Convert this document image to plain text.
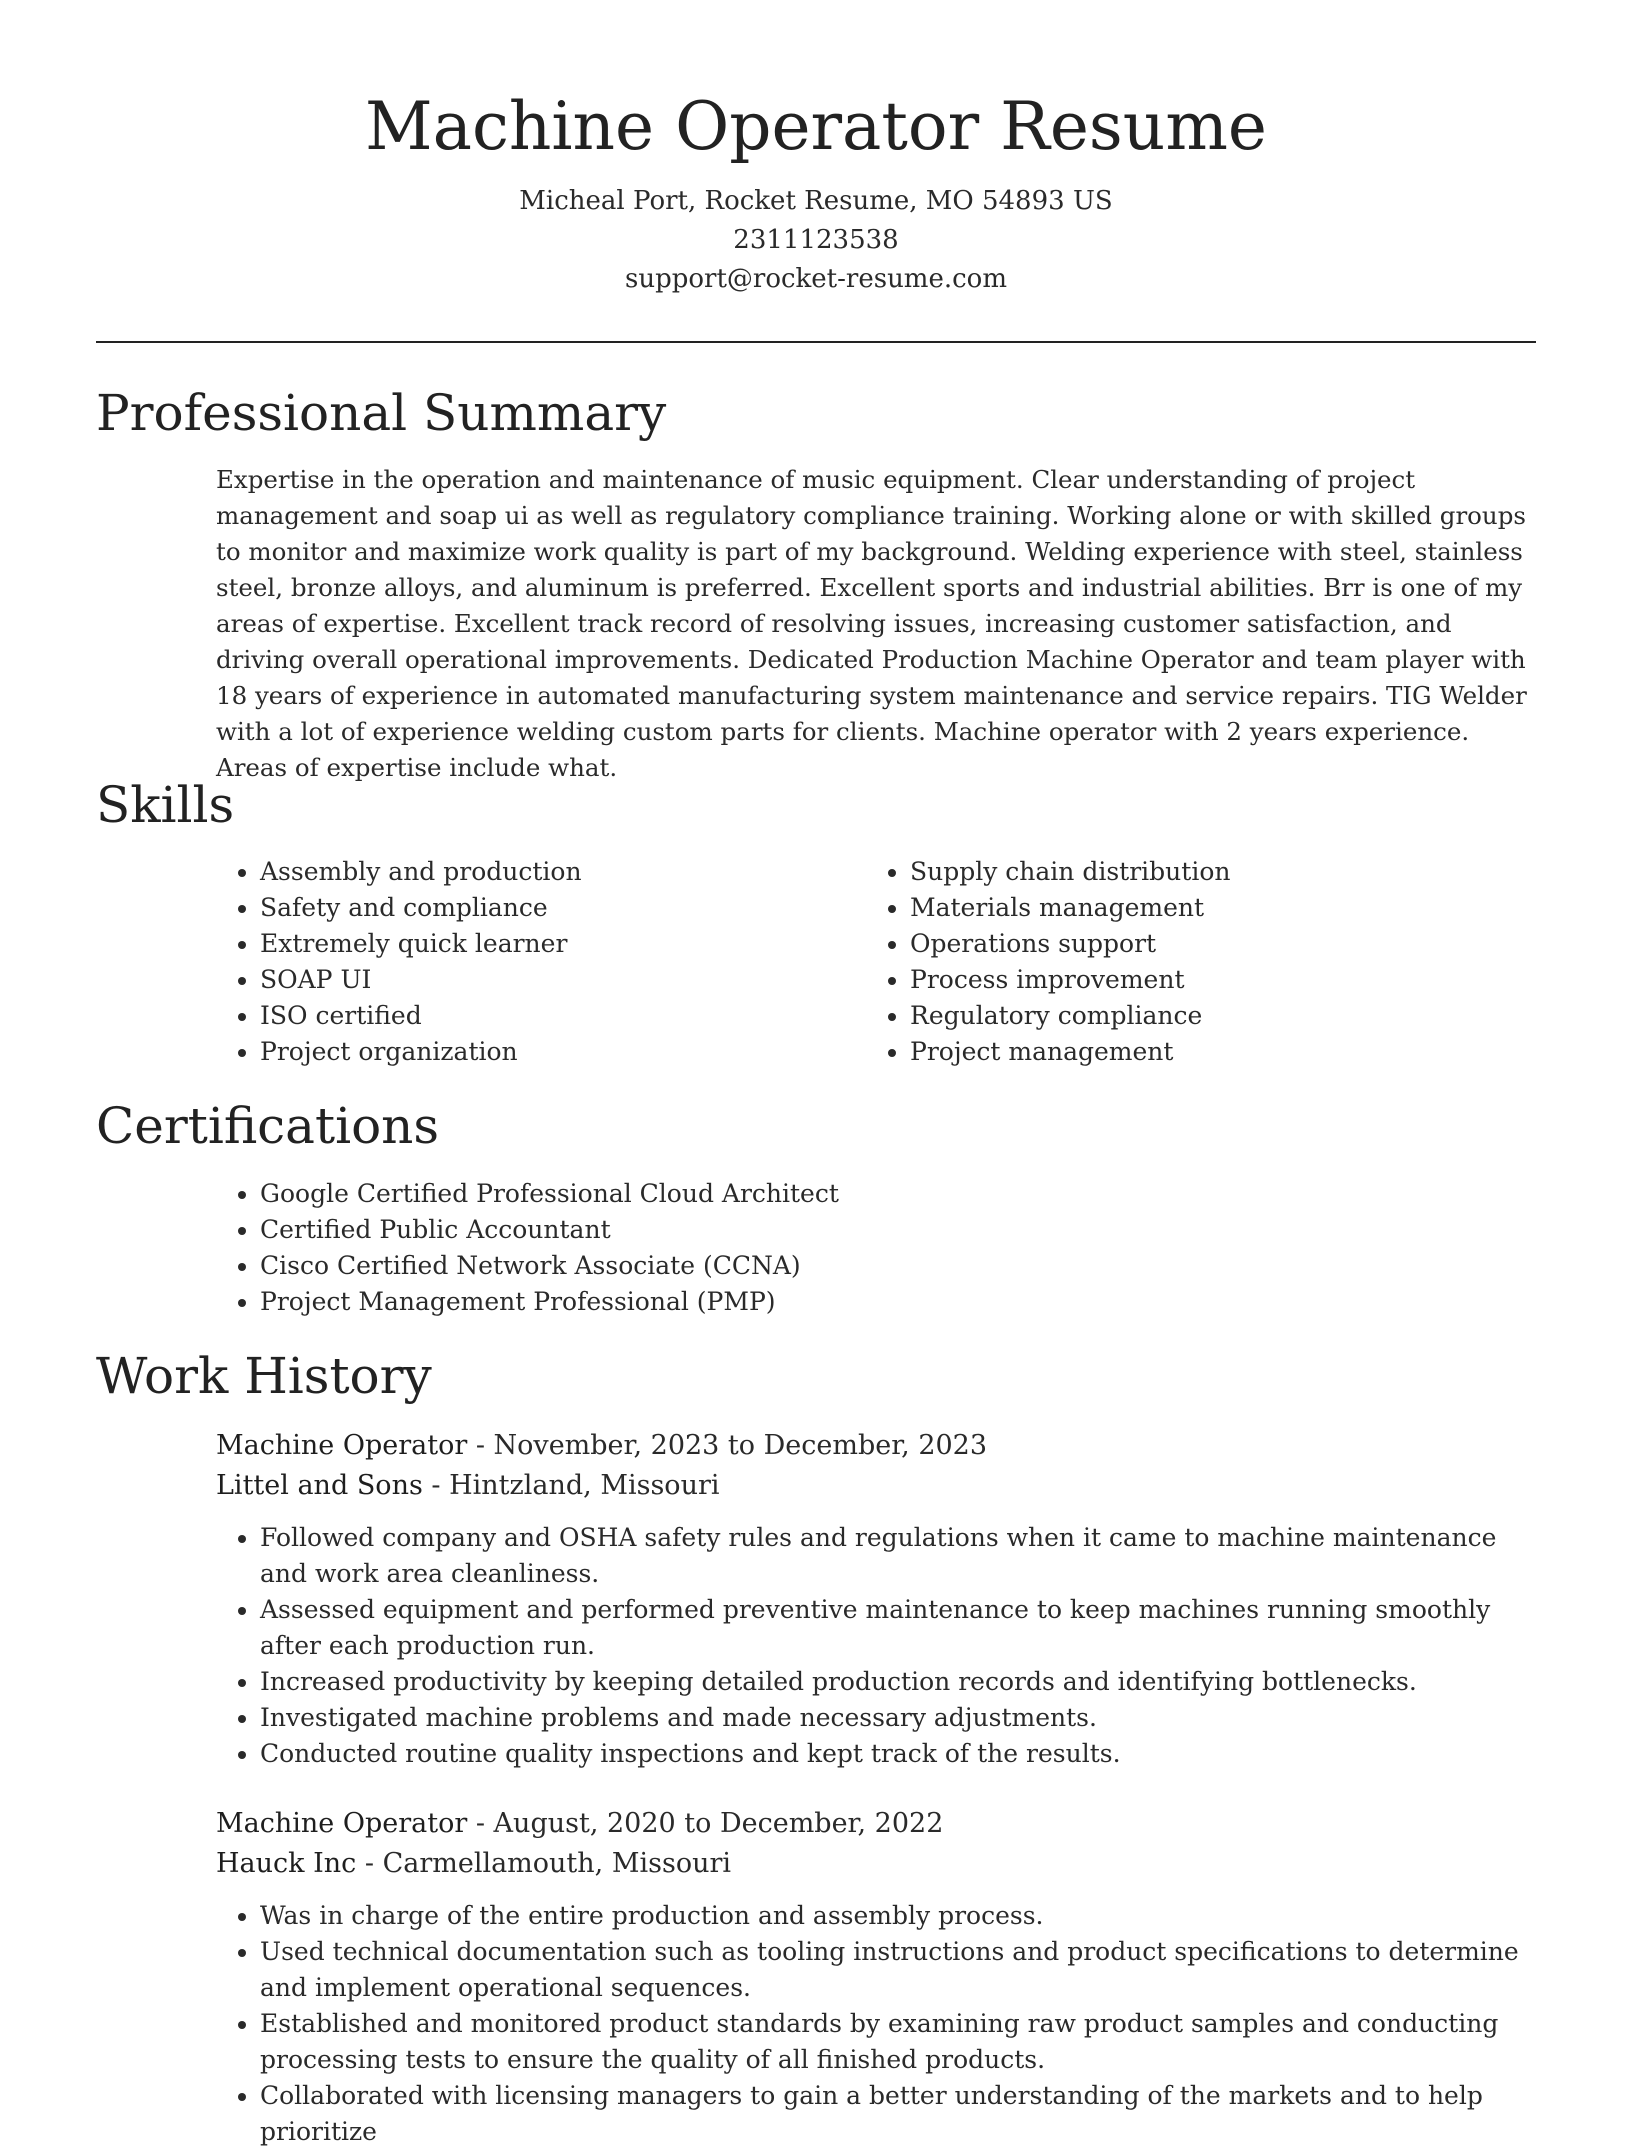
Machine Operator Resume

Micheal Port, Rocket Resume, MO 54893 US

2311123538

support@rocket-resume.com

Professional Summary

Expertise in the operation and maintenance of music equipment. Clear understanding of project management and soap ui as well as regulatory compliance training. Working alone or with skilled groups to monitor and maximize work quality is part of my background. Welding experience with steel, stainless steel, bronze alloys, and aluminum is preferred. Excellent sports and industrial abilities. Brr is one of my areas of expertise. Excellent track record of resolving issues, increasing customer satisfaction, and driving overall operational improvements. Dedicated Production Machine Operator and team player with 18 years of experience in automated manufacturing system maintenance and service repairs. TIG Welder with a lot of experience welding custom parts for clients. Machine operator with 2 years experience. Areas of expertise include what.

Skills
• Assembly and production
• Safety and compliance
• Extremely quick learner
• SOAP UI
• ISO certified
• Project organization
• Supply chain distribution
• Materials management
• Operations support
• Process improvement
• Regulatory compliance
• Project management
Certifications
• Google Certified Professional Cloud Architect
• Certified Public Accountant
• Cisco Certified Network Associate (CCNA)
• Project Management Professional (PMP)
Work History

Machine Operator - November, 2023 to December, 2023

Littel and Sons - Hintzland, Missouri

• Followed company and OSHA safety rules and regulations when it came to machine maintenance and work area cleanliness.
• Assessed equipment and performed preventive maintenance to keep machines running smoothly after each production run.
• Increased productivity by keeping detailed production records and identifying bottlenecks.
• Investigated machine problems and made necessary adjustments.
• Conducted routine quality inspections and kept track of the results.

Machine Operator - August, 2020 to December, 2022

Hauck Inc - Carmellamouth, Missouri

• Was in charge of the entire production and assembly process.
• Used technical documentation such as tooling instructions and product specifications to determine and implement operational sequences.
• Established and monitored product standards by examining raw product samples and conducting processing tests to ensure the quality of all finished products.
• Collaborated with licensing managers to gain a better understanding of the markets and to help prioritize
